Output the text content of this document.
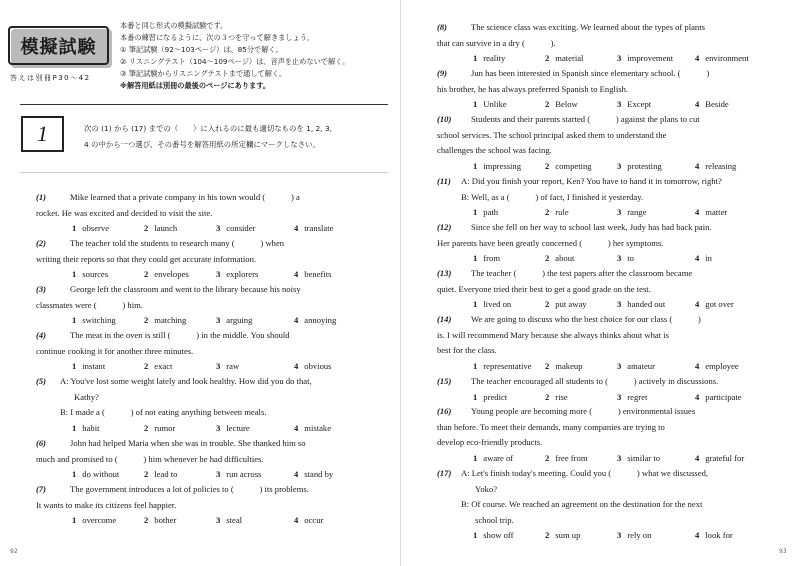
模擬試験
答えは別冊P30〜42
本番と同じ形式の模擬試験です。
本番の練習になるように、次の３つを守って解きましょう。
① 筆記試験（92〜103ページ）は、85分で解く。
② リスニングテスト（104〜109ページ）は、音声を止めないで解く。
③ 筆記試験からリスニングテストまで通して解く。
※解答用紙は別冊の最後のページにあります。
1	次の (1) から (17) までの（　　）に入れるのに最も適切なものを 1, 2, 3,
4 の中から一つ選び、その番号を解答用紙の所定欄にマークしなさい。
(1)	Mike learned that a private company in his town would (　　　) a
rocket. He was excited and decided to visit the site.
1 observe	2 launch	3 consider	4 translate
(2)	The teacher told the students to research many (　　　) when
writing their reports so that they could get accurate information.
1 sources	2 envelopes	3 explorers	4 benefits
(3)	George left the classroom and went to the library because his noisy
classmates were (　　　) him.
1 switching	2 matching	3 arguing	4 annoying
(4)	The meat in the oven is still (　　　) in the middle. You should
continue cooking it for another three minutes.
1 instant	2 exact	3 raw	4 obvious
(5) A: You've lost some weight lately and look healthy. How did you do that,
Kathy?
B: I made a (　　　) of not eating anything between meals.
1 habit	2 rumor	3 lecture	4 mistake
(6)	John had helped Maria when she was in trouble. She thanked him so
much and promised to (　　　) him whenever he had difficulties.
1 do without	2 lead to	3 run across	4 stand by
(7)	The government introduces a lot of policies to (　　　) its problems.
It wants to make its citizens feel happier.
1 overcome	2 bother	3 steal	4 occur
92
(8)	The science class was exciting. We learned about the types of plants
that can survive in a dry (　　　).
1 reality	2 material	3 improvement	4 environment
(9)	Jun has been interested in Spanish since elementary school. (　　　)
his brother, he has always preferred Spanish to English.
1 Unlike	2 Below	3 Except	4 Beside
(10) Students and their parents started (　　　) against the plans to cut
school services. The school principal asked them to understand the
challenges the school was facing.
1 impressing	2 competing	3 protesting	4 releasing
(11) A: Did you finish your report, Ken? You have to hand it in tomorrow, right?
B: Well, as a (　　　) of fact, I finished it yesterday.
1 path	2 rule	3 range	4 matter
(12) Since she fell on her way to school last week, Judy has had back pain.
Her parents have been greatly concerned (　　　) her symptoms.
1 from	2 about	3 to	4 in
(13) The teacher (　　　) the test papers after the classroom became
quiet. Everyone tried their best to get a good grade on the test.
1 lived on	2 put away	3 handed out	4 got over
(14) We are going to discuss who the best choice for our class (　　　)
is. I will recommend Mary because she always thinks about what is
best for the class.
1 representative 2 makeup	3 amateur	4 employee
(15) The teacher encouraged all students to (　　　) actively in discussions.
1 predict	2 rise	3 regret	4 participate
(16) Young people are becoming more (　　　) environmental issues
than before. To meet their demands, many companies are trying to
develop eco-friendly products.
1 aware of	2 free from	3 similar to	4 grateful for
(17) A: Let's finish today's meeting. Could you (　　　) what we discussed,
Yoko?
B: Of course. We reached an agreement on the destination for the next
school trip.
1 show off	2 sum up	3 rely on	4 look for
93
